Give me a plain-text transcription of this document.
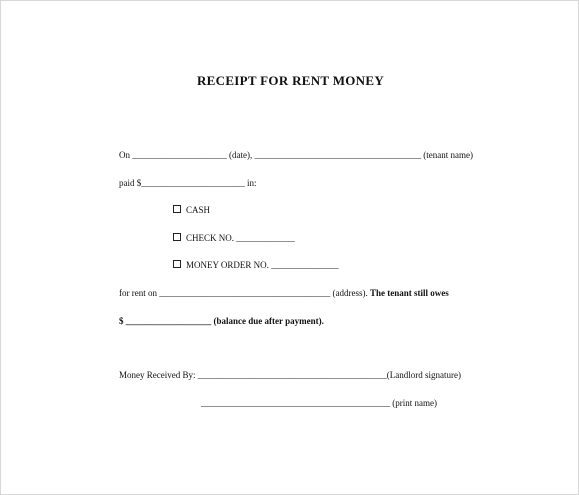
RECEIPT FOR RENT MONEY
On _____________________ (date), _____________________________________ (tenant name)
paid $_______________________ in:
CASH
CHECK NO. _____________
MONEY ORDER NO. _______________
for rent on ______________________________________ (address). The tenant still owes
$ ___________________ (balance due after payment).
Money Received By: __________________________________________(Landlord signature)
__________________________________________ (print name)
